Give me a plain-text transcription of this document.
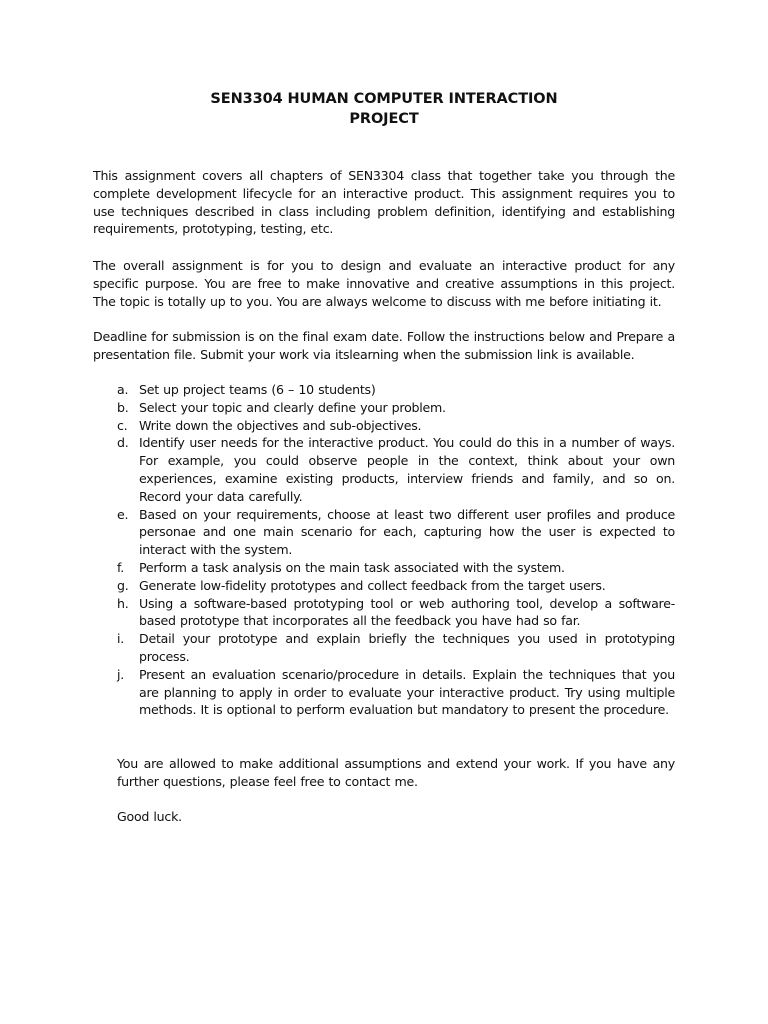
SEN3304 HUMAN COMPUTER INTERACTION
PROJECT
This assignment covers all chapters of SEN3304 class that together take you through the complete development lifecycle for an interactive product. This assignment requires you to use techniques described in class including problem definition, identifying and establishing requirements, prototyping, testing, etc.
The overall assignment is for you to design and evaluate an interactive product for any specific purpose. You are free to make innovative and creative assumptions in this project. The topic is totally up to you. You are always welcome to discuss with me before initiating it.
Deadline for submission is on the final exam date. Follow the instructions below and Prepare a presentation file. Submit your work via itslearning when the submission link is available.
a. Set up project teams (6 – 10 students)
b. Select your topic and clearly define your problem.
c. Write down the objectives and sub-objectives.
d. Identify user needs for the interactive product. You could do this in a number of ways. For example, you could observe people in the context, think about your own experiences, examine existing products, interview friends and family, and so on. Record your data carefully.
e. Based on your requirements, choose at least two different user profiles and produce personae and one main scenario for each, capturing how the user is expected to interact with the system.
f. Perform a task analysis on the main task associated with the system.
g. Generate low-fidelity prototypes and collect feedback from the target users.
h. Using a software-based prototyping tool or web authoring tool, develop a software-based prototype that incorporates all the feedback you have had so far.
i. Detail your prototype and explain briefly the techniques you used in prototyping process.
j. Present an evaluation scenario/procedure in details. Explain the techniques that you are planning to apply in order to evaluate your interactive product. Try using multiple methods. It is optional to perform evaluation but mandatory to present the procedure.
You are allowed to make additional assumptions and extend your work. If you have any further questions, please feel free to contact me.
Good luck.
